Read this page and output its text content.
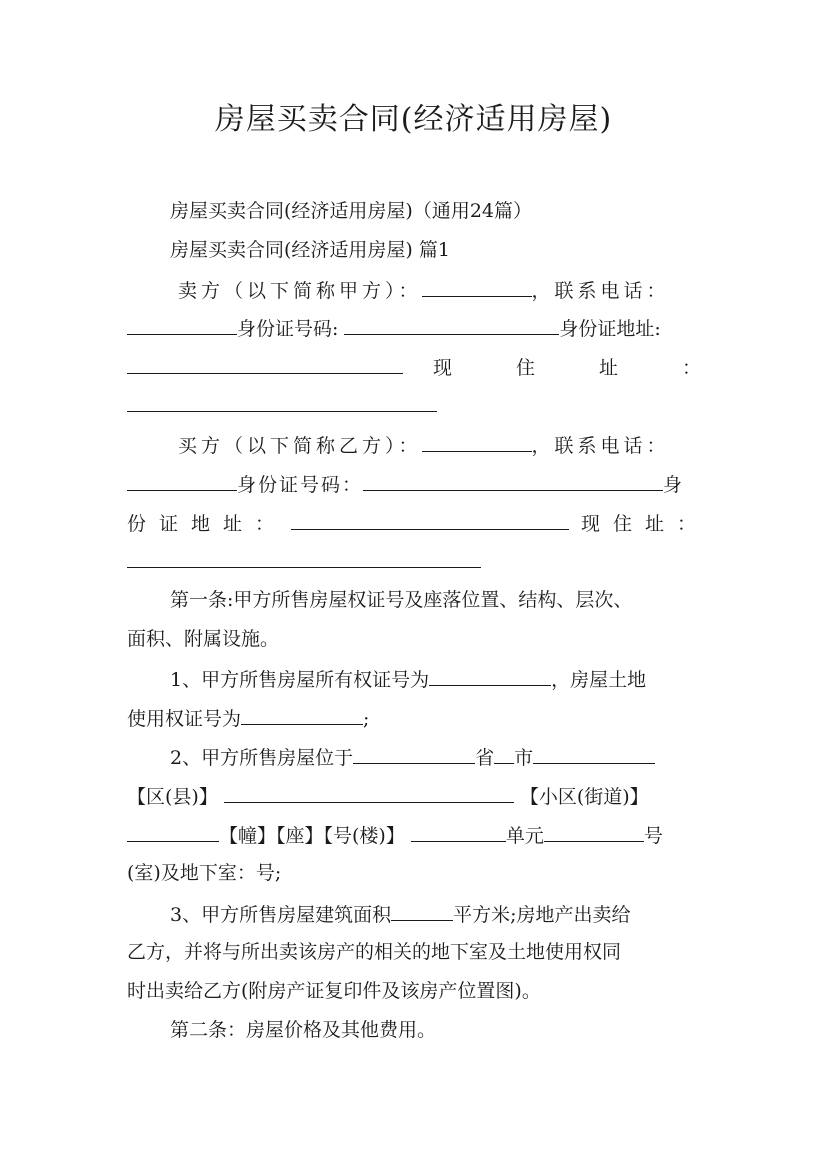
房屋买卖合同(经济适用房屋)
房屋买卖合同(经济适用房屋)（通用24篇）
房屋买卖合同(经济适用房屋) 篇1
卖方（以下简称甲方）：	，联系电话：
身份证号码:	身份证地址:
现住址：
买方（以下简称乙方）：	，联系电话：
身份证号码：	身
份证地址：	现住址：
第一条:甲方所售房屋权证号及座落位置、结构、层次、
面积、附属设施。
1、甲方所售房屋所有权证号为	，房屋土地
使用权证号为	;
2、甲方所售房屋位于	省 市
【区(县)】	【小区(街道)】
【幢】【座】【号(楼)】	单元	号
(室)及地下室：号;
3、甲方所售房屋建筑面积	平方米;房地产出卖给
乙方，并将与所出卖该房产的相关的地下室及土地使用权同
时出卖给乙方(附房产证复印件及该房产位置图)。
第二条：房屋价格及其他费用。
